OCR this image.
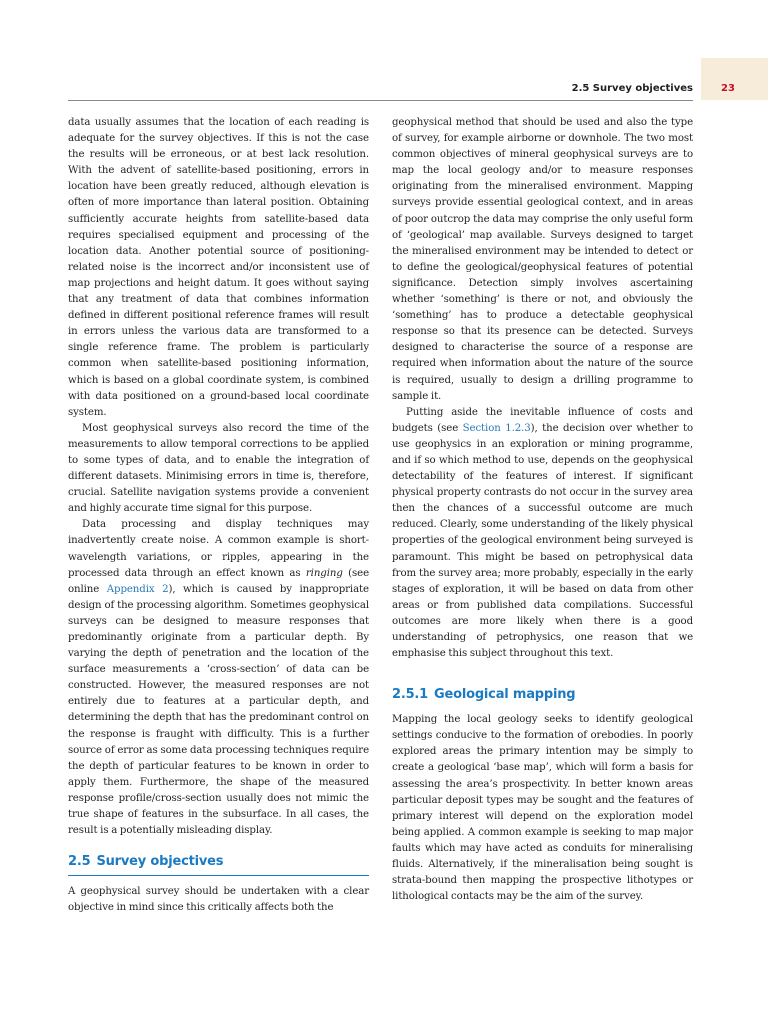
23
2.5 Survey objectives

data usually assumes that the location of each reading is adequate for the survey objectives. If this is not the case the results will be erroneous, or at best lack resolution. With the advent of satellite-based positioning, errors in location have been greatly reduced, although elevation is often of more importance than lateral position. Obtaining sufficiently accurate heights from satellite-based data requires specialised equipment and processing of the location data. Another potential source of positioning-related noise is the incorrect and/or inconsistent use of map projections and height datum. It goes without saying that any treatment of data that combines information defined in different positional reference frames will result in errors unless the various data are transformed to a single reference frame. The problem is particularly common when satellite-based positioning information, which is based on a global coordinate system, is combined with data positioned on a ground-based local coordinate system.

Most geophysical surveys also record the time of the measurements to allow temporal corrections to be applied to some types of data, and to enable the integration of different datasets. Minimising errors in time is, therefore, crucial. Satellite navigation systems provide a convenient and highly accurate time signal for this purpose.

Data processing and display techniques may inadvertently create noise. A common example is short-wavelength variations, or ripples, appearing in the processed data through an effect known as ringing (see online Appendix 2), which is caused by inappropriate design of the processing algorithm. Sometimes geophysical surveys can be designed to measure responses that predominantly originate from a particular depth. By varying the depth of penetration and the location of the surface measurements a ‘cross-section’ of data can be constructed. However, the measured responses are not entirely due to features at a particular depth, and determining the depth that has the predominant control on the response is fraught with difficulty. This is a further source of error as some data processing techniques require the depth of particular features to be known in order to apply them. Furthermore, the shape of the measured response profile/cross-section usually does not mimic the true shape of features in the subsurface. In all cases, the result is a potentially misleading display.

2.5 Survey objectives

A geophysical survey should be undertaken with a clear objective in mind since this critically affects both the

geophysical method that should be used and also the type of survey, for example airborne or downhole. The two most common objectives of mineral geophysical surveys are to map the local geology and/or to measure responses originating from the mineralised environment. Mapping surveys provide essential geological context, and in areas of poor outcrop the data may comprise the only useful form of ‘geological’ map available. Surveys designed to target the mineralised environment may be intended to detect or to define the geological/geophysical features of potential significance. Detection simply involves ascertaining whether ‘something’ is there or not, and obviously the ‘something’ has to produce a detectable geophysical response so that its presence can be detected. Surveys designed to characterise the source of a response are required when information about the nature of the source is required, usually to design a drilling programme to sample it.

Putting aside the inevitable influence of costs and budgets (see Section 1.2.3), the decision over whether to use geophysics in an exploration or mining programme, and if so which method to use, depends on the geophysical detectability of the features of interest. If significant physical property contrasts do not occur in the survey area then the chances of a successful outcome are much reduced. Clearly, some understanding of the likely physical properties of the geological environment being surveyed is paramount. This might be based on petrophysical data from the survey area; more probably, especially in the early stages of exploration, it will be based on data from other areas or from published data compilations. Successful outcomes are more likely when there is a good understanding of petrophysics, one reason that we emphasise this subject throughout this text.

2.5.1 Geological mapping

Mapping the local geology seeks to identify geological settings conducive to the formation of orebodies. In poorly explored areas the primary intention may be simply to create a geological ‘base map’, which will form a basis for assessing the area’s prospectivity. In better known areas particular deposit types may be sought and the features of primary interest will depend on the exploration model being applied. A common example is seeking to map major faults which may have acted as conduits for mineralising fluids. Alternatively, if the mineralisation being sought is strata-bound then mapping the prospective lithotypes or lithological contacts may be the aim of the survey.
